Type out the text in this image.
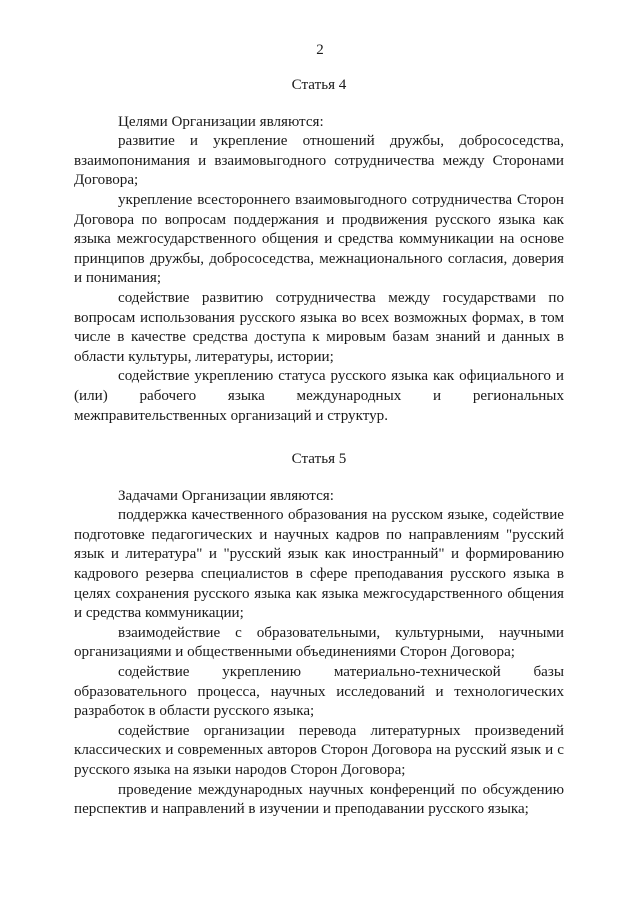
2
Статья 4

Целями Организации являются:

развитие и укрепление отношений дружбы, добрососедства, взаимопонимания и взаимовыгодного сотрудничества между Сторонами Договора;

укрепление всестороннего взаимовыгодного сотрудничества Сторон Договора по вопросам поддержания и продвижения русского языка как языка межгосударственного общения и средства коммуникации на основе принципов дружбы, добрососедства, межнационального согласия, доверия и понимания;

содействие развитию сотрудничества между государствами по вопросам использования русского языка во всех возможных формах, в том числе в качестве средства доступа к мировым базам знаний и данных в области культуры, литературы, истории;

содействие укреплению статуса русского языка как официального и (или) рабочего языка международных и региональных межправительственных организаций и структур.

Статья 5

Задачами Организации являются:

поддержка качественного образования на русском языке, содействие подготовке педагогических и научных кадров по направлениям "русский язык и литература" и "русский язык как иностранный" и формированию кадрового резерва специалистов в сфере преподавания русского языка в целях сохранения русского языка как языка межгосударственного общения и средства коммуникации;

взаимодействие с образовательными, культурными, научными организациями и общественными объединениями Сторон Договора;

содействие укреплению материально-технической базы образовательного процесса, научных исследований и технологических разработок в области русского языка;

содействие организации перевода литературных произведений классических и современных авторов Сторон Договора на русский язык и с русского языка на языки народов Сторон Договора;

проведение международных научных конференций по обсуждению перспектив и направлений в изучении и преподавании русского языка;
